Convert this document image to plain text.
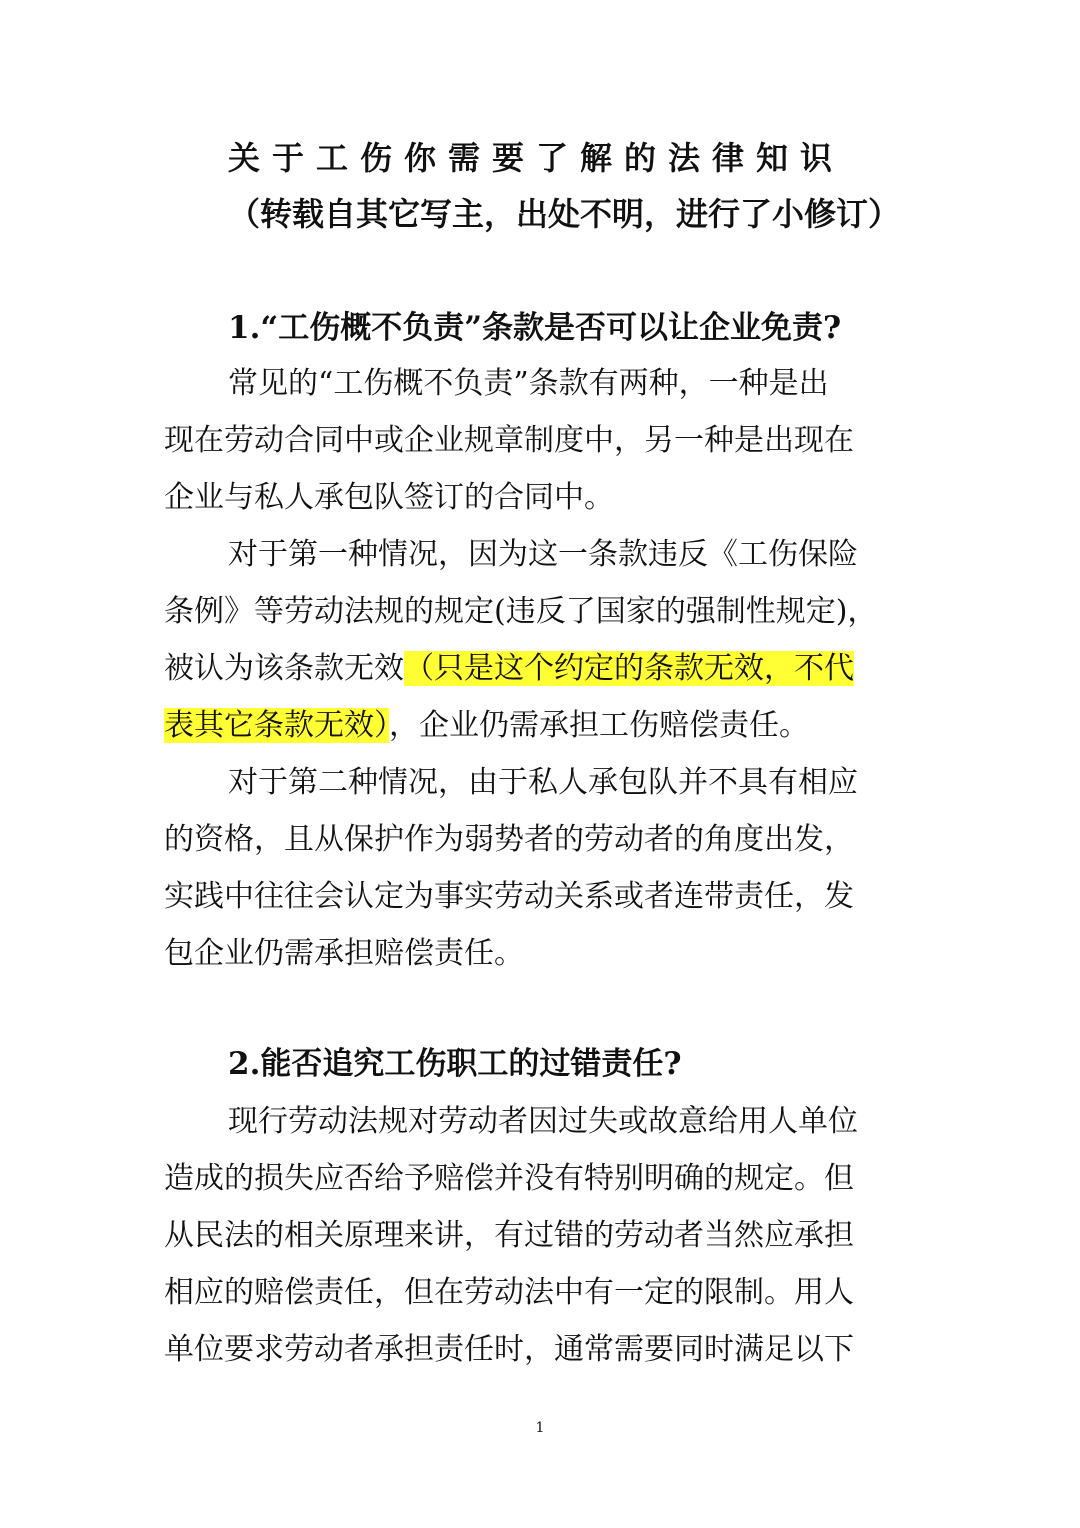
关于工伤你需要了解的法律知识
（转载自其它写主，出处不明，进行了小修订）
1.“工伤概不负责”条款是否可以让企业免责?
常见的“工伤概不负责”条款有两种，一种是出
现在劳动合同中或企业规章制度中，另一种是出现在
企业与私人承包队签订的合同中。
对于第一种情况，因为这一条款违反《工伤保险
条例》等劳动法规的规定(违反了国家的强制性规定)，
被认为该条款无效（只是这个约定的条款无效，不代
表其它条款无效），企业仍需承担工伤赔偿责任。
对于第二种情况，由于私人承包队并不具有相应
的资格，且从保护作为弱势者的劳动者的角度出发，
实践中往往会认定为事实劳动关系或者连带责任，发
包企业仍需承担赔偿责任。
2.能否追究工伤职工的过错责任?
现行劳动法规对劳动者因过失或故意给用人单位
造成的损失应否给予赔偿并没有特别明确的规定。但
从民法的相关原理来讲，有过错的劳动者当然应承担
相应的赔偿责任，但在劳动法中有一定的限制。用人
单位要求劳动者承担责任时，通常需要同时满足以下
1
